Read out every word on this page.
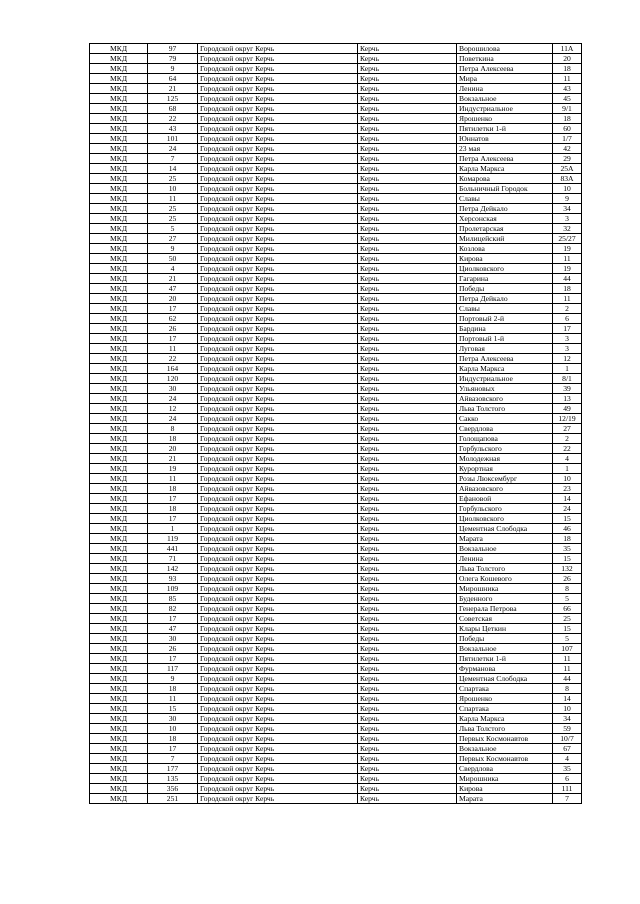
МКД	97	Городской округ Керчь	Керчь	Ворошилова	11А
МКД	79	Городской округ Керчь	Керчь	Поветкина	20
МКД	9	Городской округ Керчь	Керчь	Петра Алексеева	18
МКД	64	Городской округ Керчь	Керчь	Мира	11
МКД	21	Городской округ Керчь	Керчь	Ленина	43
МКД	125	Городской округ Керчь	Керчь	Вокзальное	45
МКД	68	Городской округ Керчь	Керчь	Индустриальное	9/1
МКД	22	Городской округ Керчь	Керчь	Ярошенко	18
МКД	43	Городской округ Керчь	Керчь	Пятилетки 1-й	60
МКД	101	Городской округ Керчь	Керчь	Юннатов	1/7
МКД	24	Городской округ Керчь	Керчь	23 мая	42
МКД	7	Городской округ Керчь	Керчь	Петра Алексеева	29
МКД	14	Городской округ Керчь	Керчь	Карла Маркса	25А
МКД	25	Городской округ Керчь	Керчь	Комарова	83А
МКД	10	Городской округ Керчь	Керчь	Больничный Городок	10
МКД	11	Городской округ Керчь	Керчь	Славы	9
МКД	25	Городской округ Керчь	Керчь	Петра Дейкало	34
МКД	25	Городской округ Керчь	Керчь	Херсонская	3
МКД	5	Городской округ Керчь	Керчь	Пролетарская	32
МКД	27	Городской округ Керчь	Керчь	Милицейский	25/27
МКД	9	Городской округ Керчь	Керчь	Козлова	19
МКД	50	Городской округ Керчь	Керчь	Кирова	11
МКД	4	Городской округ Керчь	Керчь	Циолковского	19
МКД	21	Городской округ Керчь	Керчь	Гагарина	44
МКД	47	Городской округ Керчь	Керчь	Победы	18
МКД	20	Городской округ Керчь	Керчь	Петра Дейкало	11
МКД	17	Городской округ Керчь	Керчь	Славы	2
МКД	62	Городской округ Керчь	Керчь	Портовый 2-й	6
МКД	26	Городской округ Керчь	Керчь	Бардина	17
МКД	17	Городской округ Керчь	Керчь	Портовый 1-й	3
МКД	11	Городской округ Керчь	Керчь	Луговая	3
МКД	22	Городской округ Керчь	Керчь	Петра Алексеева	12
МКД	164	Городской округ Керчь	Керчь	Карла Маркса	1
МКД	120	Городской округ Керчь	Керчь	Индустриальное	8/1
МКД	30	Городской округ Керчь	Керчь	Ульяновых	39
МКД	24	Городской округ Керчь	Керчь	Айвазовского	13
МКД	12	Городской округ Керчь	Керчь	Льва Толстого	49
МКД	24	Городской округ Керчь	Керчь	Сакко	12/19
МКД	8	Городской округ Керчь	Керчь	Свердлова	27
МКД	18	Городской округ Керчь	Керчь	Голощапова	2
МКД	20	Городской округ Керчь	Керчь	Горбульского	22
МКД	21	Городской округ Керчь	Керчь	Молодежная	4
МКД	19	Городской округ Керчь	Керчь	Курортная	1
МКД	11	Городской округ Керчь	Керчь	Розы Люксембург	10
МКД	18	Городской округ Керчь	Керчь	Айвазовского	23
МКД	17	Городской округ Керчь	Керчь	Ефановой	14
МКД	18	Городской округ Керчь	Керчь	Горбульского	24
МКД	17	Городской округ Керчь	Керчь	Циолковского	15
МКД	1	Городской округ Керчь	Керчь	Цементная Слободка	46
МКД	119	Городской округ Керчь	Керчь	Марата	18
МКД	441	Городской округ Керчь	Керчь	Вокзальное	35
МКД	71	Городской округ Керчь	Керчь	Ленина	15
МКД	142	Городской округ Керчь	Керчь	Льва Толстого	132
МКД	93	Городской округ Керчь	Керчь	Олега Кошевого	26
МКД	109	Городской округ Керчь	Керчь	Мирошника	8
МКД	85	Городской округ Керчь	Керчь	Буденного	5
МКД	82	Городской округ Керчь	Керчь	Генерала Петрова	66
МКД	17	Городской округ Керчь	Керчь	Советская	25
МКД	47	Городской округ Керчь	Керчь	Клары Цеткин	15
МКД	30	Городской округ Керчь	Керчь	Победы	5
МКД	26	Городской округ Керчь	Керчь	Вокзальное	107
МКД	17	Городской округ Керчь	Керчь	Пятилетки 1-й	11
МКД	117	Городской округ Керчь	Керчь	Фурманова	11
МКД	9	Городской округ Керчь	Керчь	Цементная Слободка	44
МКД	18	Городской округ Керчь	Керчь	Спартака	8
МКД	11	Городской округ Керчь	Керчь	Ярошенко	14
МКД	15	Городской округ Керчь	Керчь	Спартака	10
МКД	30	Городской округ Керчь	Керчь	Карла Маркса	34
МКД	10	Городской округ Керчь	Керчь	Льва Толстого	59
МКД	18	Городской округ Керчь	Керчь	Первых Космонавтов	10/7
МКД	17	Городской округ Керчь	Керчь	Вокзальное	67
МКД	7	Городской округ Керчь	Керчь	Первых Космонавтов	4
МКД	177	Городской округ Керчь	Керчь	Свердлова	35
МКД	135	Городской округ Керчь	Керчь	Мирошника	6
МКД	356	Городской округ Керчь	Керчь	Кирова	111
МКД	251	Городской округ Керчь	Керчь	Марата	7
